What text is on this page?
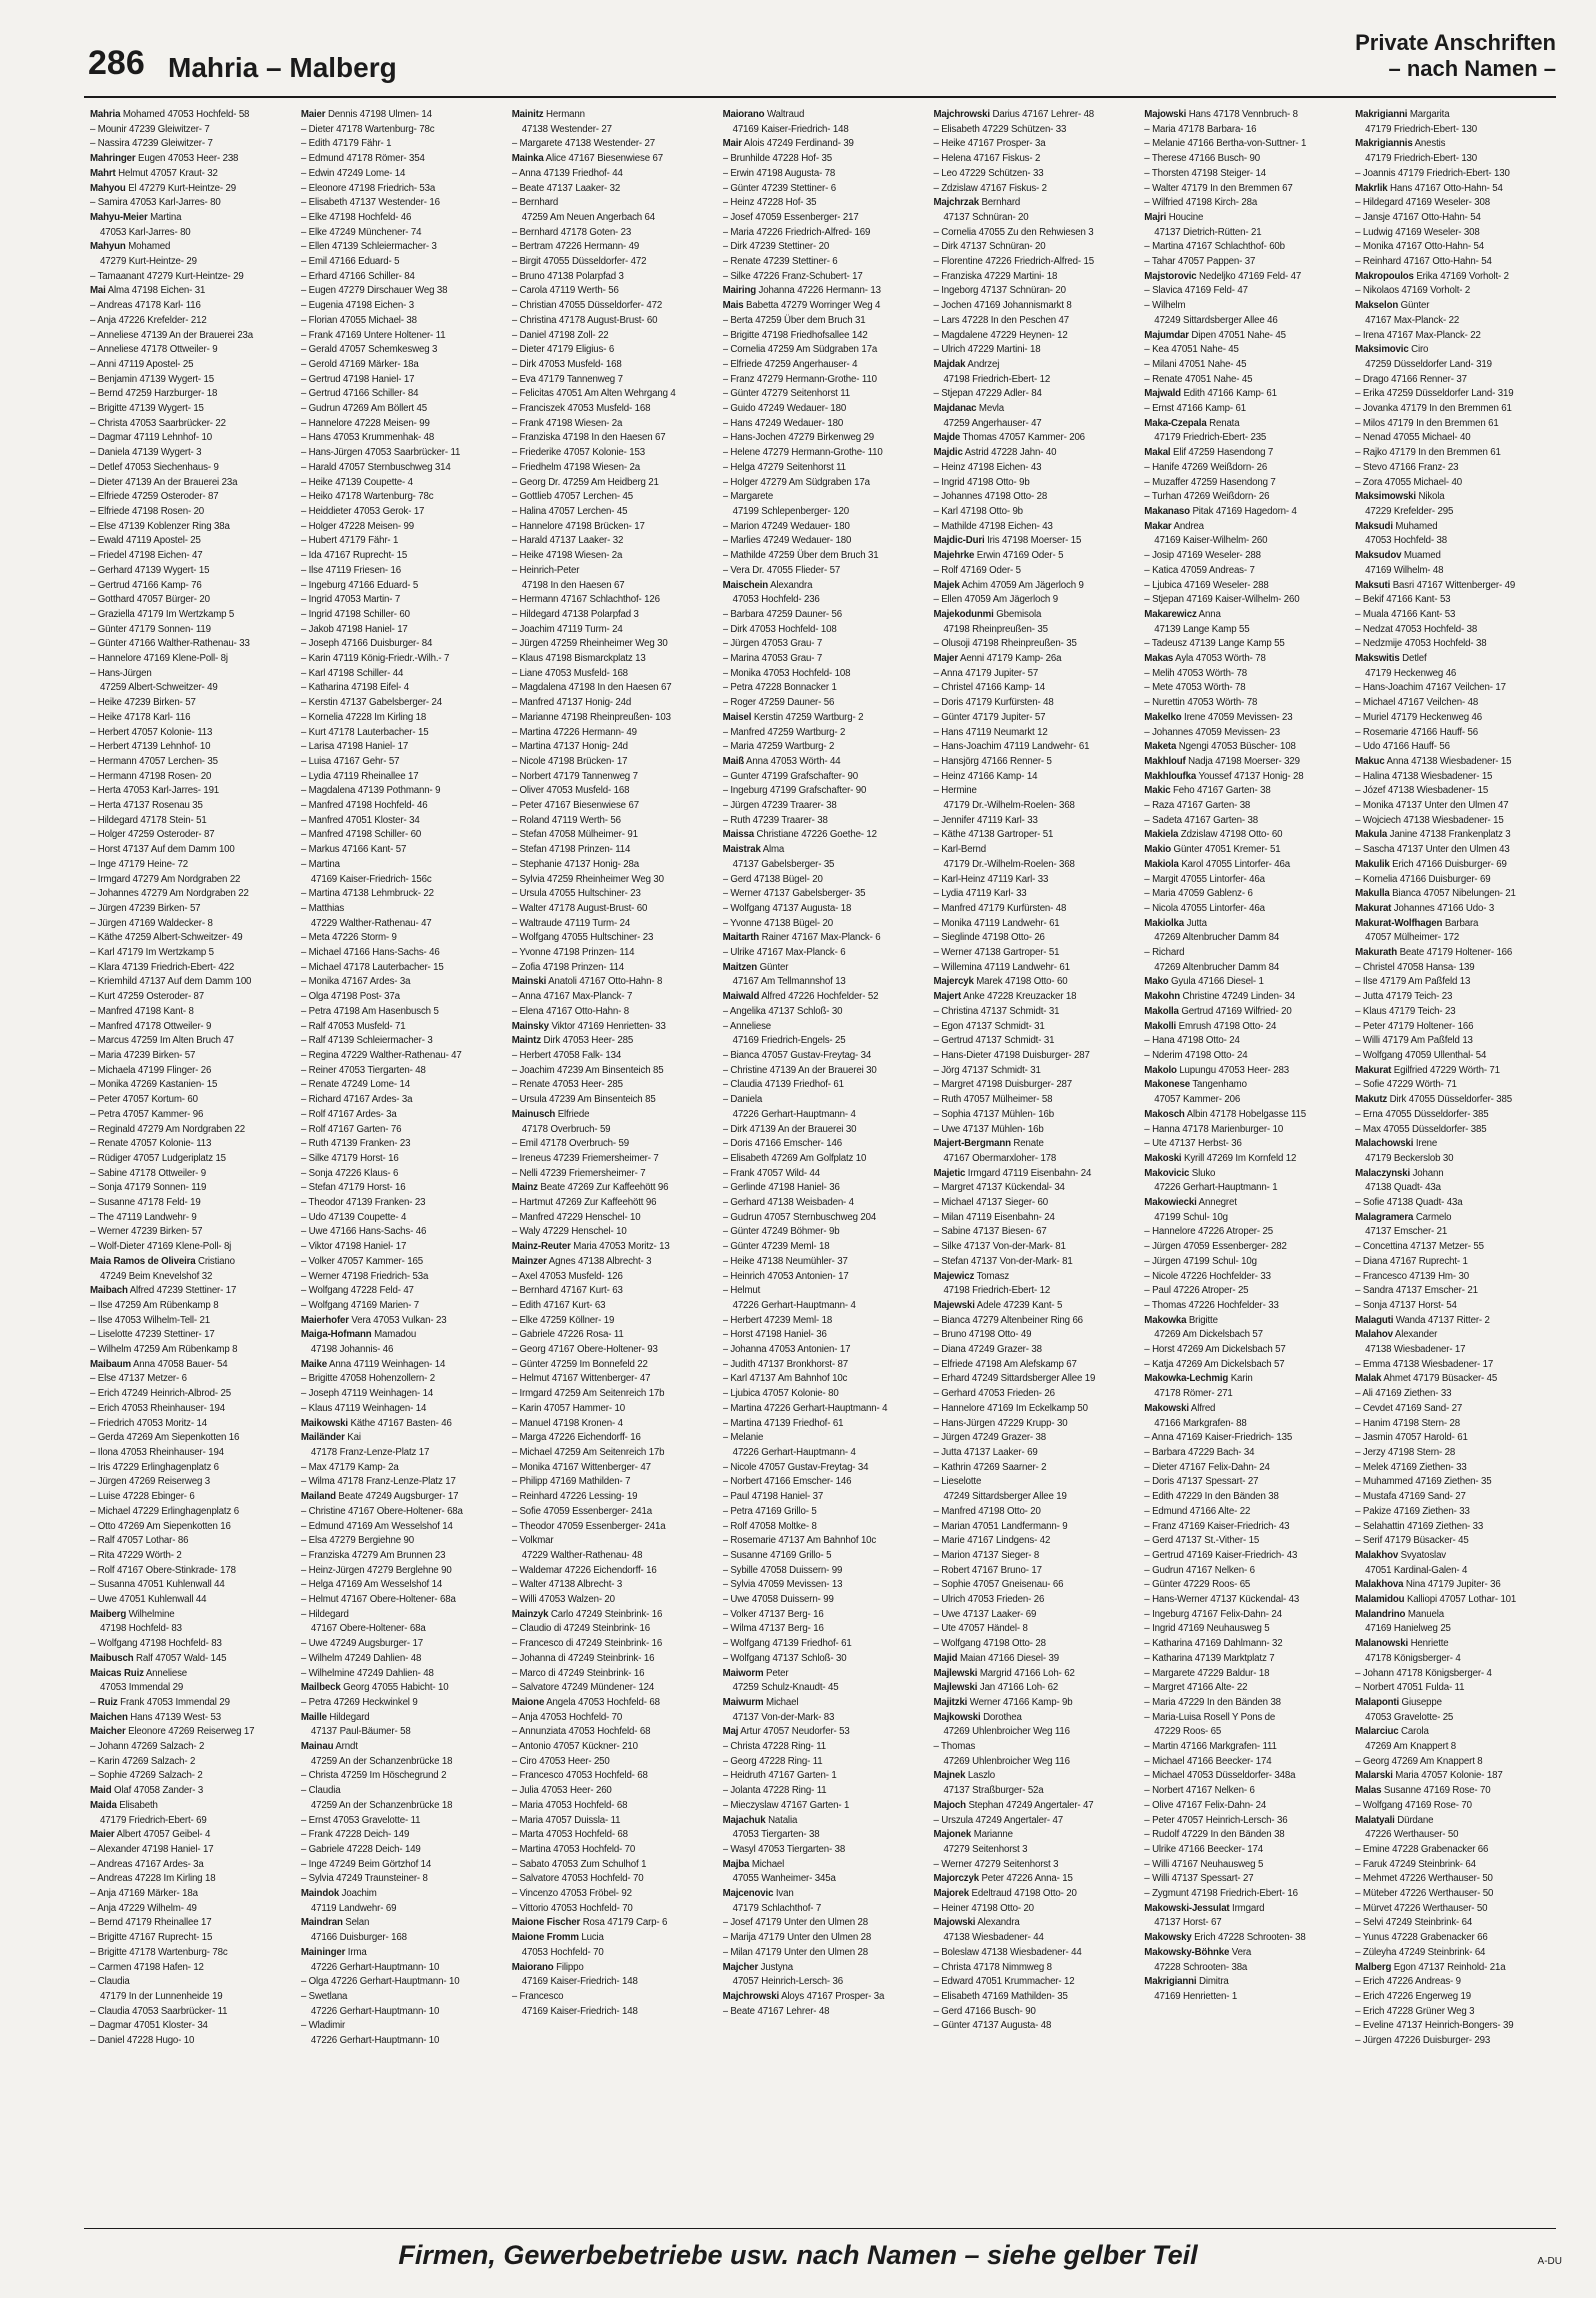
286 Mahria – Malberg
Private Anschriften
– nach Namen –
Mahria Mohamed 47053 Hochfeld- 58
– Mounir 47239 Gleiwitzer- 7
– Nassira 47239 Gleiwitzer- 7
Mahringer Eugen 47053 Heer- 238
Mahrt Helmut 47057 Kraut- 32
Mahyou El 47279 Kurt-Heintze- 29
– Samira 47053 Karl-Jarres- 80
Mahyu-Meier Martina
47053 Karl-Jarres- 80
Mahyun Mohamed
47279 Kurt-Heintze- 29
– Tamaanant 47279 Kurt-Heintze- 29
Mai Alma 47198 Eichen- 31
– Andreas 47178 Karl- 116
– Anja 47226 Krefelder- 212
– Anneliese 47139 An der Brauerei 23a
– Anneliese 47178 Ottweiler- 9
– Anni 47119 Apostel- 25
– Benjamin 47139 Wygert- 15
– Bernd 47259 Harzburger- 18
– Brigitte 47139 Wygert- 15
– Christa 47053 Saarbrücker- 22
– Dagmar 47119 Lehnhof- 10
– Daniela 47139 Wygert- 3
– Detlef 47053 Siechenhaus- 9
– Dieter 47139 An der Brauerei 23a
– Elfriede 47259 Osteroder- 87
– Elfriede 47198 Rosen- 20
– Else 47139 Koblenzer Ring 38a
– Ewald 47119 Apostel- 25
– Friedel 47198 Eichen- 47
– Gerhard 47139 Wygert- 15
– Gertrud 47166 Kamp- 76
– Gotthard 47057 Bürger- 20
– Graziella 47179 Im Wertzkamp 5
– Günter 47179 Sonnen- 119
– Günter 47166 Walther-Rathenau- 33
– Hannelore 47169 Klene-Poll- 8j
– Hans-Jürgen
47259 Albert-Schweitzer- 49
– Heike 47239 Birken- 57
– Heike 47178 Karl- 116
– Herbert 47057 Kolonie- 113
– Herbert 47139 Lehnhof- 10
– Hermann 47057 Lerchen- 35
– Hermann 47198 Rosen- 20
– Herta 47053 Karl-Jarres- 191
– Herta 47137 Rosenau 35
– Hildegard 47178 Stein- 51
– Holger 47259 Osteroder- 87
– Horst 47137 Auf dem Damm 100
– Inge 47179 Heine- 72
– Irmgard 47279 Am Nordgraben 22
– Johannes 47279 Am Nordgraben 22
– Jürgen 47239 Birken- 57
– Jürgen 47169 Waldecker- 8
– Käthe 47259 Albert-Schweitzer- 49
– Karl 47179 Im Wertzkamp 5
– Klara 47139 Friedrich-Ebert- 422
– Kriemhild 47137 Auf dem Damm 100
– Kurt 47259 Osteroder- 87
– Manfred 47198 Kant- 8
– Manfred 47178 Ottweiler- 9
– Marcus 47259 Im Alten Bruch 47
– Maria 47239 Birken- 57
– Michaela 47199 Flinger- 26
– Monika 47269 Kastanien- 15
– Peter 47057 Kortum- 60
– Petra 47057 Kammer- 96
– Reginald 47279 Am Nordgraben 22
– Renate 47057 Kolonie- 113
– Rüdiger 47057 Ludgeriplatz 15
– Sabine 47178 Ottweiler- 9
– Sonja 47179 Sonnen- 119
– Susanne 47178 Feld- 19
– The 47119 Landwehr- 9
– Werner 47239 Birken- 57
– Wolf-Dieter 47169 Klene-Poll- 8j
Maia Ramos de Oliveira Cristiano
47249 Beim Knevelshof 32
Maibach Alfred 47239 Stettiner- 17
– Ilse 47259 Am Rübenkamp 8
– Ilse 47053 Wilhelm-Tell- 21
– Liselotte 47239 Stettiner- 17
– Wilhelm 47259 Am Rübenkamp 8
Maibaum Anna 47058 Bauer- 54
– Else 47137 Metzer- 6
– Erich 47249 Heinrich-Albrod- 25
– Erich 47053 Rheinhauser- 194
– Friedrich 47053 Moritz- 14
– Gerda 47269 Am Siepenkotten 16
– Ilona 47053 Rheinhauser- 194
– Iris 47229 Erlinghagenplatz 6
– Jürgen 47269 Reiserweg 3
– Luise 47228 Ebinger- 6
– Michael 47229 Erlinghagenplatz 6
– Otto 47269 Am Siepenkotten 16
– Ralf 47057 Lothar- 86
– Rita 47229 Wörth- 2
– Rolf 47167 Obere-Stinkrade- 178
– Susanna 47051 Kuhlenwall 44
– Uwe 47051 Kuhlenwall 44
Maiberg Wilhelmine
47198 Hochfeld- 83
– Wolfgang 47198 Hochfeld- 83
Maibusch Ralf 47057 Wald- 145
Maicas Ruiz Anneliese
47053 Immendal 29
– Ruiz Frank 47053 Immendal 29
Maichen Hans 47139 West- 53
Maicher Eleonore 47269 Reiserweg 17
– Johann 47269 Salzach- 2
– Karin 47269 Salzach- 2
– Sophie 47269 Salzach- 2
Maid Olaf 47058 Zander- 3
Maida Elisabeth
47179 Friedrich-Ebert- 69
Maier Albert 47057 Geibel- 4
– Alexander 47198 Haniel- 17
– Andreas 47167 Ardes- 3a
– Andreas 47228 Im Kirling 18
– Anja 47169 Märker- 18a
– Anja 47229 Wilhelm- 49
– Bernd 47179 Rheinallee 17
– Brigitte 47167 Ruprecht- 15
– Brigitte 47178 Wartenburg- 78c
– Carmen 47198 Hafen- 12
– Claudia
47179 In der Lunnenheide 19
– Claudia 47053 Saarbrücker- 11
– Dagmar 47051 Kloster- 34
– Daniel 47228 Hugo- 10
Maier Dennis 47198 Ulmen- 14
– Dieter 47178 Wartenburg- 78c
– Edith 47179 Fähr- 1
– Edmund 47178 Römer- 354
– Edwin 47249 Lome- 14
– Eleonore 47198 Friedrich- 53a
– Elisabeth 47137 Westender- 16
– Elke 47198 Hochfeld- 46
– Elke 47249 Münchener- 74
– Ellen 47139 Schleiermacher- 3
– Emil 47166 Eduard- 5
– Erhard 47166 Schiller- 84
– Eugen 47279 Dirschauer Weg 38
– Eugenia 47198 Eichen- 3
– Florian 47055 Michael- 38
– Frank 47169 Untere Holtener- 11
– Gerald 47057 Schemkesweg 3
– Gerold 47169 Märker- 18a
– Gertrud 47198 Haniel- 17
– Gertrud 47166 Schiller- 84
– Gudrun 47269 Am Böllert 45
– Hannelore 47228 Meisen- 99
– Hans 47053 Krummenhak- 48
– Hans-Jürgen 47053 Saarbrücker- 11
– Harald 47057 Sternbuschweg 314
– Heike 47139 Coupette- 4
– Heiko 47178 Wartenburg- 78c
– Heiddieter 47053 Gerok- 17
– Holger 47228 Meisen- 99
– Hubert 47179 Fähr- 1
– Ida 47167 Ruprecht- 15
– Ilse 47119 Friesen- 16
– Ingeburg 47166 Eduard- 5
– Ingrid 47053 Martin- 7
– Ingrid 47198 Schiller- 60
– Jakob 47198 Haniel- 17
– Joseph 47166 Duisburger- 84
– Karin 47119 König-Friedr.-Wilh.- 7
– Karl 47198 Schiller- 44
– Katharina 47198 Eifel- 4
– Kerstin 47137 Gabelsberger- 24
– Kornelia 47228 Im Kirling 18
– Kurt 47178 Lauterbacher- 15
– Larisa 47198 Haniel- 17
– Luisa 47167 Gehr- 57
– Lydia 47119 Rheinallee 17
– Magdalena 47139 Pothmann- 9
– Manfred 47198 Hochfeld- 46
– Manfred 47051 Kloster- 34
– Manfred 47198 Schiller- 60
– Markus 47166 Kant- 57
– Martina
47169 Kaiser-Friedrich- 156c
– Martina 47138 Lehmbruck- 22
– Matthias
47229 Walther-Rathenau- 47
– Meta 47226 Storm- 9
– Michael 47166 Hans-Sachs- 46
– Michael 47178 Lauterbacher- 15
– Monika 47167 Ardes- 3a
– Olga 47198 Post- 37a
– Petra 47198 Am Hasenbusch 5
– Ralf 47053 Musfeld- 71
– Ralf 47139 Schleiermacher- 3
– Regina 47229 Walther-Rathenau- 47
– Reiner 47053 Tiergarten- 48
– Renate 47249 Lome- 14
– Richard 47167 Ardes- 3a
– Rolf 47167 Ardes- 3a
– Rolf 47167 Garten- 76
– Ruth 47139 Franken- 23
– Silke 47179 Horst- 16
– Sonja 47226 Klaus- 6
– Stefan 47179 Horst- 16
– Theodor 47139 Franken- 23
– Udo 47139 Coupette- 4
– Uwe 47166 Hans-Sachs- 46
– Viktor 47198 Haniel- 17
– Volker 47057 Kammer- 165
– Werner 47198 Friedrich- 53a
– Wolfgang 47228 Feld- 47
– Wolfgang 47169 Marien- 7
Maierhofer Vera 47053 Vulkan- 23
Maiga-Hofmann Mamadou
47198 Johannis- 46
Maike Anna 47119 Weinhagen- 14
– Brigitte 47058 Hohenzollern- 2
– Joseph 47119 Weinhagen- 14
– Klaus 47119 Weinhagen- 14
Maikowski Käthe 47167 Basten- 46
Mailänder Kai
47178 Franz-Lenze-Platz 17
– Max 47179 Kamp- 2a
– Wilma 47178 Franz-Lenze-Platz 17
Mailand Beate 47249 Augsburger- 17
– Christine 47167 Obere-Holtener- 68a
– Edmund 47169 Am Wesselshof 14
– Elsa 47279 Bergiehne 90
– Franziska 47279 Am Brunnen 23
– Heinz-Jürgen 47279 Berglehne 90
– Helga 47169 Am Wesselshof 14
– Helmut 47167 Obere-Holtener- 68a
– Hildegard
47167 Obere-Holtener- 68a
– Uwe 47249 Augsburger- 17
– Wilhelm 47249 Dahlien- 48
– Wilhelmine 47249 Dahlien- 48
Mailbeck Georg 47055 Habicht- 10
– Petra 47269 Heckwinkel 9
Maille Hildegard
47137 Paul-Bäumer- 58
Mainau Arndt
47259 An der Schanzenbrücke 18
– Christa 47259 Im Höschegrund 2
– Claudia
47259 An der Schanzenbrücke 18
– Ernst 47053 Gravelotte- 11
– Frank 47228 Deich- 149
– Gabriele 47228 Deich- 149
– Inge 47249 Beim Görtzhof 14
– Sylvia 47249 Traunsteiner- 8
Maindok Joachim
47119 Landwehr- 69
Maindran Selan
47166 Duisburger- 168
Maininger Irma
47226 Gerhart-Hauptmann- 10
– Olga 47226 Gerhart-Hauptmann- 10
– Swetlana
47226 Gerhart-Hauptmann- 10
– Wladimir
47226 Gerhart-Hauptmann- 10
Mainitz Hermann
47138 Westender- 27
– Margarete 47138 Westender- 27
Mainka Alice 47167 Biesenwiese 67
– Anna 47139 Friedhof- 44
– Beate 47137 Laaker- 32
– Bernhard
47259 Am Neuen Angerbach 64
– Bernhard 47178 Goten- 23
– Bertram 47226 Hermann- 49
– Birgit 47055 Düsseldorfer- 472
– Bruno 47138 Polarpfad 3
– Carola 47119 Werth- 56
– Christian 47055 Düsseldorfer- 472
– Christina 47178 August-Brust- 60
– Daniel 47198 Zoll- 22
– Dieter 47179 Eligius- 6
– Dirk 47053 Musfeld- 168
– Eva 47179 Tannenweg 7
– Felicitas 47051 Am Alten Wehrgang 4
– Franciszek 47053 Musfeld- 168
– Frank 47198 Wiesen- 2a
– Franziska 47198 In den Haesen 67
– Friederike 47057 Kolonie- 153
– Friedhelm 47198 Wiesen- 2a
– Georg Dr. 47259 Am Heidberg 21
– Gottlieb 47057 Lerchen- 45
– Halina 47057 Lerchen- 45
– Hannelore 47198 Brücken- 17
– Harald 47137 Laaker- 32
– Heike 47198 Wiesen- 2a
– Heinrich-Peter
47198 In den Haesen 67
– Hermann 47167 Schlachthof- 126
– Hildegard 47138 Polarpfad 3
– Joachim 47119 Turm- 24
– Jürgen 47259 Rheinheimer Weg 30
– Klaus 47198 Bismarckplatz 13
– Liane 47053 Musfeld- 168
– Magdalena 47198 In den Haesen 67
– Manfred 47137 Honig- 24d
– Marianne 47198 Rheinpreußen- 103
– Martina 47226 Hermann- 49
– Martina 47137 Honig- 24d
– Nicole 47198 Brücken- 17
– Norbert 47179 Tannenweg 7
– Oliver 47053 Musfeld- 168
– Peter 47167 Biesenwiese 67
– Roland 47119 Werth- 56
– Stefan 47058 Mülheimer- 91
– Stefan 47198 Prinzen- 114
– Stephanie 47137 Honig- 28a
– Sylvia 47259 Rheinheimer Weg 30
– Ursula 47055 Hultschiner- 23
– Walter 47178 August-Brust- 60
– Waltraude 47119 Turm- 24
– Wolfgang 47055 Hultschiner- 23
– Yvonne 47198 Prinzen- 114
– Zofia 47198 Prinzen- 114
Mainski Anatoli 47167 Otto-Hahn- 8
– Anna 47167 Max-Planck- 7
– Elena 47167 Otto-Hahn- 8
Mainsky Viktor 47169 Henrietten- 33
Maintz Dirk 47053 Heer- 285
– Herbert 47058 Falk- 134
– Joachim 47239 Am Binsenteich 85
– Renate 47053 Heer- 285
– Ursula 47239 Am Binsenteich 85
Mainusch Elfriede
47178 Overbruch- 59
– Emil 47178 Overbruch- 59
– Ireneus 47239 Friemersheimer- 7
– Nelli 47239 Friemersheimer- 7
Mainz Beate 47269 Zur Kaffeehött 96
– Hartmut 47269 Zur Kaffeehött 96
– Manfred 47229 Henschel- 10
– Waly 47229 Henschel- 10
Mainz-Reuter Maria 47053 Moritz- 13
Mainzer Agnes 47138 Albrecht- 3
– Axel 47053 Musfeld- 126
– Bernhard 47167 Kurt- 63
– Edith 47167 Kurt- 63
– Elke 47259 Köllner- 19
– Gabriele 47226 Rosa- 11
– Georg 47167 Obere-Holtener- 93
– Günter 47259 Im Bonnefeld 22
– Helmut 47167 Wittenberger- 47
– Irmgard 47259 Am Seitenreich 17b
– Karin 47057 Hammer- 10
– Manuel 47198 Kronen- 4
– Marga 47226 Eichendorff- 16
– Michael 47259 Am Seitenreich 17b
– Monika 47167 Wittenberger- 47
– Philipp 47169 Mathilden- 7
– Reinhard 47226 Lessing- 19
– Sofie 47059 Essenberger- 241a
– Theodor 47059 Essenberger- 241a
– Volkmar
47229 Walther-Rathenau- 48
– Waldemar 47226 Eichendorff- 16
– Walter 47138 Albrecht- 3
– Willi 47053 Walzen- 20
Mainzyk Carlo 47249 Steinbrink- 16
– Claudio di 47249 Steinbrink- 16
– Francesco di 47249 Steinbrink- 16
– Johanna di 47249 Steinbrink- 16
– Marco di 47249 Steinbrink- 16
– Salvatore 47249 Mündener- 124
Maione Angela 47053 Hochfeld- 68
– Anja 47053 Hochfeld- 70
– Annunziata 47053 Hochfeld- 68
– Antonio 47057 Kückner- 210
– Ciro 47053 Heer- 250
– Francesco 47053 Hochfeld- 68
– Julia 47053 Heer- 260
– Maria 47053 Hochfeld- 68
– Maria 47057 Duissla- 11
– Marta 47053 Hochfeld- 68
– Martina 47053 Hochfeld- 70
– Sabato 47053 Zum Schulhof 1
– Salvatore 47053 Hochfeld- 70
– Vincenzo 47053 Fröbel- 92
– Vittorio 47053 Hochfeld- 70
Maione Fischer Rosa 47179 Carp- 6
Maione Fromm Lucia
47053 Hochfeld- 70
Maiorano Filippo
47169 Kaiser-Friedrich- 148
– Francesco
47169 Kaiser-Friedrich- 148
Maiorano Waltraud
47169 Kaiser-Friedrich- 148
Mair Alois 47249 Ferdinand- 39
– Brunhilde 47228 Hof- 35
– Erwin 47198 Augusta- 78
– Günter 47239 Stettiner- 6
– Heinz 47228 Hof- 35
– Josef 47059 Essenberger- 217
– Maria 47226 Friedrich-Alfred- 169
– Dirk 47239 Stettiner- 20
– Renate 47239 Stettiner- 6
– Silke 47226 Franz-Schubert- 17
Mairing Johanna 47226 Hermann- 13
Mais Babetta 47279 Worringer Weg 4
– Berta 47259 Über dem Bruch 31
– Brigitte 47198 Friedhofsallee 142
– Cornelia 47259 Am Südgraben 17a
– Elfriede 47259 Angerhauser- 4
– Franz 47279 Hermann-Grothe- 110
– Günter 47279 Seitenhorst 11
– Guido 47249 Wedauer- 180
– Hans 47249 Wedauer- 180
– Hans-Jochen 47279 Birkenweg 29
– Helene 47279 Hermann-Grothe- 110
– Helga 47279 Seitenhorst 11
– Holger 47279 Am Südgraben 17a
– Margarete
47199 Schlepenberger- 120
– Marion 47249 Wedauer- 180
– Marlies 47249 Wedauer- 180
– Mathilde 47259 Über dem Bruch 31
– Vera Dr. 47055 Flieder- 57
Maischein Alexandra
47053 Hochfeld- 236
– Barbara 47259 Dauner- 56
– Dirk 47053 Hochfeld- 108
– Jürgen 47053 Grau- 7
– Marina 47053 Grau- 7
– Monika 47053 Hochfeld- 108
– Petra 47228 Bonnacker 1
– Roger 47259 Dauner- 56
Maisel Kerstin 47259 Wartburg- 2
– Manfred 47259 Wartburg- 2
– Maria 47259 Wartburg- 2
Maiß Anna 47053 Wörth- 44
– Gunter 47199 Grafschafter- 90
– Ingeburg 47199 Grafschafter- 90
– Jürgen 47239 Traarer- 38
– Ruth 47239 Traarer- 38
Maissa Christiane 47226 Goethe- 12
Maistrak Alma
47137 Gabelsberger- 35
– Gerd 47138 Bügel- 20
– Werner 47137 Gabelsberger- 35
– Wolfgang 47137 Augusta- 18
– Yvonne 47138 Bügel- 20
Maitarth Rainer 47167 Max-Planck- 6
– Ulrike 47167 Max-Planck- 6
Maitzen Günter
47167 Am Tellmannshof 13
Maiwald Alfred 47226 Hochfelder- 52
– Angelika 47137 Schloß- 30
– Anneliese
47169 Friedrich-Engels- 25
– Bianca 47057 Gustav-Freytag- 34
– Christine 47139 An der Brauerei 30
– Claudia 47139 Friedhof- 61
– Daniela
47226 Gerhart-Hauptmann- 4
– Dirk 47139 An der Brauerei 30
– Doris 47166 Emscher- 146
– Elisabeth 47269 Am Golfplatz 10
– Frank 47057 Wild- 44
– Gerlinde 47198 Haniel- 36
– Gerhard 47138 Weisbaden- 4
– Gudrun 47057 Sternbuschweg 204
– Günter 47249 Böhmer- 9b
– Günter 47239 Meml- 18
– Heike 47138 Neumühler- 37
– Heinrich 47053 Antonien- 17
– Helmut
47226 Gerhart-Hauptmann- 4
– Herbert 47239 Meml- 18
– Horst 47198 Haniel- 36
– Johanna 47053 Antonien- 17
– Judith 47137 Bronkhorst- 87
– Karl 47137 Am Bahnhof 10c
– Ljubica 47057 Kolonie- 80
– Martina 47226 Gerhart-Hauptmann- 4
– Martina 47139 Friedhof- 61
– Melanie
47226 Gerhart-Hauptmann- 4
– Nicole 47057 Gustav-Freytag- 34
– Norbert 47166 Emscher- 146
– Paul 47198 Haniel- 37
– Petra 47169 Grillo- 5
– Rolf 47058 Moltke- 8
– Rosemarie 47137 Am Bahnhof 10c
– Susanne 47169 Grillo- 5
– Sybille 47058 Duissern- 99
– Sylvia 47059 Mevissen- 13
– Uwe 47058 Duissern- 99
– Volker 47137 Berg- 16
– Wilma 47137 Berg- 16
– Wolfgang 47139 Friedhof- 61
– Wolfgang 47137 Schloß- 30
Maiworm Peter
47259 Schulz-Knaudt- 45
Maiwurm Michael
47137 Von-der-Mark- 83
Maj Artur 47057 Neudorfer- 53
– Christa 47228 Ring- 11
– Georg 47228 Ring- 11
– Heidruth 47167 Garten- 1
– Jolanta 47228 Ring- 11
– Mieczyslaw 47167 Garten- 1
Majachuk Natalia
47053 Tiergarten- 38
– Wasyl 47053 Tiergarten- 38
Majba Michael
47055 Wanheimer- 345a
Majcenovic Ivan
47179 Schlachthof- 7
– Josef 47179 Unter den Ulmen 28
– Marija 47179 Unter den Ulmen 28
– Milan 47179 Unter den Ulmen 28
Majcher Justyna
47057 Heinrich-Lersch- 36
Majchrowski Aloys 47167 Prosper- 3a
– Beate 47167 Lehrer- 48
Majchrowski Darius 47167 Lehrer- 48
– Elisabeth 47229 Schützen- 33
– Heike 47167 Prosper- 3a
– Helena 47167 Fiskus- 2
– Leo 47229 Schützen- 33
– Zdzislaw 47167 Fiskus- 2
Majchrzak Bernhard
47137 Schnüran- 20
– Cornelia 47055 Zu den Rehwiesen 3
– Dirk 47137 Schnüran- 20
– Florentine 47226 Friedrich-Alfred- 15
– Franziska 47229 Martini- 18
– Ingeborg 47137 Schnüran- 20
– Jochen 47169 Johannismarkt 8
– Lars 47228 In den Peschen 47
– Magdalene 47229 Heynen- 12
– Ulrich 47229 Martini- 18
Majdak Andrzej
47198 Friedrich-Ebert- 12
– Stjepan 47229 Adler- 84
Majdanac Mevla
47259 Angerhauser- 47
Majde Thomas 47057 Kammer- 206
Majdic Astrid 47228 Jahn- 40
– Heinz 47198 Eichen- 43
– Ingrid 47198 Otto- 9b
– Johannes 47198 Otto- 28
– Karl 47198 Otto- 9b
– Mathilde 47198 Eichen- 43
Majdic-Duri Iris 47198 Moerser- 15
Majehrke Erwin 47169 Oder- 5
– Rolf 47169 Oder- 5
Majek Achim 47059 Am Jägerloch 9
– Ellen 47059 Am Jägerloch 9
Majekodunmi Gbemisola
47198 Rheinpreußen- 35
– Olusoji 47198 Rheinpreußen- 35
Majer Aenni 47179 Kamp- 26a
– Anna 47179 Jupiter- 57
– Christel 47166 Kamp- 14
– Doris 47179 Kurfürsten- 48
– Günter 47179 Jupiter- 57
– Hans 47119 Neumarkt 12
– Hans-Joachim 47119 Landwehr- 61
– Hansjörg 47166 Renner- 5
– Heinz 47166 Kamp- 14
– Hermine
47179 Dr.-Wilhelm-Roelen- 368
– Jennifer 47119 Karl- 33
– Käthe 47138 Gartroper- 51
– Karl-Bernd
47179 Dr.-Wilhelm-Roelen- 368
– Karl-Heinz 47119 Karl- 33
– Lydia 47119 Karl- 33
– Manfred 47179 Kurfürsten- 48
– Monika 47119 Landwehr- 61
– Sieglinde 47198 Otto- 26
– Werner 47138 Gartroper- 51
– Willemina 47119 Landwehr- 61
Majercyk Marek 47198 Otto- 60
Majert Anke 47228 Kreuzacker 18
– Christina 47137 Schmidt- 31
– Egon 47137 Schmidt- 31
– Gertrud 47137 Schmidt- 31
– Hans-Dieter 47198 Duisburger- 287
– Jörg 47137 Schmidt- 31
– Margret 47198 Duisburger- 287
– Ruth 47057 Mülheimer- 58
– Sophia 47137 Mühlen- 16b
– Uwe 47137 Mühlen- 16b
Majert-Bergmann Renate
47167 Obermarxloher- 178
Majetic Irmgard 47119 Eisenbahn- 24
– Margret 47137 Kückendal- 34
– Michael 47137 Sieger- 60
– Milan 47119 Eisenbahn- 24
– Sabine 47137 Biesen- 67
– Silke 47137 Von-der-Mark- 81
– Stefan 47137 Von-der-Mark- 81
Majewicz Tomasz
47198 Friedrich-Ebert- 12
Majewski Adele 47239 Kant- 5
– Bianca 47279 Altenbeiner Ring 66
– Bruno 47198 Otto- 49
– Diana 47249 Grazer- 38
– Elfriede 47198 Am Alefskamp 67
– Erhard 47249 Sittardsberger Allee 19
– Gerhard 47053 Frieden- 26
– Hannelore 47169 Im Eckelkamp 50
– Hans-Jürgen 47229 Krupp- 30
– Jürgen 47249 Grazer- 38
– Jutta 47137 Laaker- 69
– Kathrin 47269 Saarner- 2
– Lieselotte
47249 Sittardsberger Allee 19
– Manfred 47198 Otto- 20
– Marian 47051 Landfermann- 9
– Marie 47167 Lindgens- 42
– Marion 47137 Sieger- 8
– Robert 47167 Bruno- 17
– Sophie 47057 Gneisenau- 66
– Ulrich 47053 Frieden- 26
– Uwe 47137 Laaker- 69
– Ute 47057 Händel- 8
– Wolfgang 47198 Otto- 28
Majid Maian 47166 Diesel- 39
Majlewski Margrid 47166 Loh- 62
Majlewski Jan 47166 Loh- 62
Majitzki Werner 47166 Kamp- 9b
Majkowski Dorothea
47269 Uhlenbroicher Weg 116
– Thomas
47269 Uhlenbroicher Weg 116
Majnek Laszlo
47137 Straßburger- 52a
Majoch Stephan 47249 Angertaler- 47
– Urszula 47249 Angertaler- 47
Majonek Marianne
47279 Seitenhorst 3
– Werner 47279 Seitenhorst 3
Majorczyk Peter 47226 Anna- 15
Majorek Edeltraud 47198 Otto- 20
– Heiner 47198 Otto- 20
Majowski Alexandra
47138 Wiesbadener- 44
– Boleslaw 47138 Wiesbadener- 44
– Christa 47178 Nimmweg 8
– Edward 47051 Krummacher- 12
– Elisabeth 47169 Mathilden- 35
– Gerd 47166 Busch- 90
– Günter 47137 Augusta- 48
Majowski Hans 47178 Vennbruch- 8
– Maria 47178 Barbara- 16
– Melanie 47166 Bertha-von-Suttner- 1
– Therese 47166 Busch- 90
– Thorsten 47198 Steiger- 14
– Walter 47179 In den Bremmen 67
– Wilfried 47198 Kirch- 28a
Majri Houcine
47137 Dietrich-Rütten- 21
– Martina 47167 Schlachthof- 60b
– Tahar 47057 Pappen- 37
Majstorovic Nedeljko 47169 Feld- 47
– Slavica 47169 Feld- 47
– Wilhelm
47249 Sittardsberger Allee 46
Majumdar Dipen 47051 Nahe- 45
– Kea 47051 Nahe- 45
– Milani 47051 Nahe- 45
– Renate 47051 Nahe- 45
Majwald Edith 47166 Kamp- 61
– Ernst 47166 Kamp- 61
Maka-Czepala Renata
47179 Friedrich-Ebert- 235
Makal Elif 47259 Hasendong 7
– Hanife 47269 Weißdorn- 26
– Muzaffer 47259 Hasendong 7
– Turhan 47269 Weißdorn- 26
Makanaso Pitak 47169 Hagedorn- 4
Makar Andrea
47169 Kaiser-Wilhelm- 260
– Josip 47169 Weseler- 288
– Katica 47059 Andreas- 7
– Ljubica 47169 Weseler- 288
– Stjepan 47169 Kaiser-Wilhelm- 260
Makarewicz Anna
47139 Lange Kamp 55
– Tadeusz 47139 Lange Kamp 55
Makas Ayla 47053 Wörth- 78
– Melih 47053 Wörth- 78
– Mete 47053 Wörth- 78
– Nurettin 47053 Wörth- 78
Makelko Irene 47059 Mevissen- 23
– Johannes 47059 Mevissen- 23
Maketa Ngengi 47053 Büscher- 108
Makhlouf Nadja 47198 Moerser- 329
Makhloufka Youssef 47137 Honig- 28
Makic Feho 47167 Garten- 38
– Raza 47167 Garten- 38
– Sadeta 47167 Garten- 38
Makiela Zdzislaw 47198 Otto- 60
Makio Günter 47051 Kremer- 51
Makiola Karol 47055 Lintorfer- 46a
– Margit 47055 Lintorfer- 46a
– Maria 47059 Gablenz- 6
– Nicola 47055 Lintorfer- 46a
Makiolka Jutta
47269 Altenbrucher Damm 84
– Richard
47269 Altenbrucher Damm 84
Mako Gyula 47166 Diesel- 1
Makohn Christine 47249 Linden- 34
Makolla Gertrud 47169 Wilfried- 20
Makolli Emrush 47198 Otto- 24
– Hana 47198 Otto- 24
– Nderim 47198 Otto- 24
Makolo Lupungu 47053 Heer- 283
Makonese Tangenhamo
47057 Kammer- 206
Makosch Albin 47178 Hobelgasse 115
– Hanna 47178 Marienburger- 10
– Ute 47137 Herbst- 36
Makoski Kyrill 47269 Im Kornfeld 12
Makovicic Sluko
47226 Gerhart-Hauptmann- 1
Makowiecki Annegret
47199 Schul- 10g
– Hannelore 47226 Atroper- 25
– Jürgen 47059 Essenberger- 282
– Jürgen 47199 Schul- 10g
– Nicole 47226 Hochfelder- 33
– Paul 47226 Atroper- 25
– Thomas 47226 Hochfelder- 33
Makowka Brigitte
47269 Am Dickelsbach 57
– Horst 47269 Am Dickelsbach 57
– Katja 47269 Am Dickelsbach 57
Makowka-Lechmig Karin
47178 Römer- 271
Makowski Alfred
47166 Markgrafen- 88
– Anna 47169 Kaiser-Friedrich- 135
– Barbara 47229 Bach- 34
– Dieter 47167 Felix-Dahn- 24
– Doris 47137 Spessart- 27
– Edith 47229 In den Bänden 38
– Edmund 47166 Alte- 22
– Franz 47169 Kaiser-Friedrich- 43
– Gerd 47137 St.-Vither- 15
– Gertrud 47169 Kaiser-Friedrich- 43
– Gudrun 47167 Nelken- 6
– Günter 47229 Roos- 65
– Hans-Werner 47137 Kückendal- 43
– Ingeburg 47167 Felix-Dahn- 24
– Ingrid 47169 Neuhausweg 5
– Katharina 47169 Dahlmann- 32
– Katharina 47139 Marktplatz 7
– Margarete 47229 Baldur- 18
– Margret 47166 Alte- 22
– Maria 47229 In den Bänden 38
– Maria-Luisa Rosell Y Pons de
47229 Roos- 65
– Martin 47166 Markgrafen- 111
– Michael 47166 Beecker- 174
– Michael 47053 Düsseldorfer- 348a
– Norbert 47167 Nelken- 6
– Olive 47167 Felix-Dahn- 24
– Peter 47057 Heinrich-Lersch- 36
– Rudolf 47229 In den Bänden 38
– Ulrike 47166 Beecker- 174
– Willi 47167 Neuhausweg 5
– Willi 47137 Spessart- 27
– Zygmunt 47198 Friedrich-Ebert- 16
Makowski-Jessulat Irmgard
47137 Horst- 67
Makowsky Erich 47228 Schrooten- 38
Makowsky-Böhnke Vera
47228 Schrooten- 38a
Makrigianni Dimitra
47169 Henrietten- 1
Makrigianni Margarita
47179 Friedrich-Ebert- 130
Makrigiannis Anestis
47179 Friedrich-Ebert- 130
– Joannis 47179 Friedrich-Ebert- 130
Makrlik Hans 47167 Otto-Hahn- 54
– Hildegard 47169 Weseler- 308
– Jansje 47167 Otto-Hahn- 54
– Ludwig 47169 Weseler- 308
– Monika 47167 Otto-Hahn- 54
– Reinhard 47167 Otto-Hahn- 54
Makropoulos Erika 47169 Vorholt- 2
– Nikolaos 47169 Vorholt- 2
Makselon Günter
47167 Max-Planck- 22
– Irena 47167 Max-Planck- 22
Maksimovic Ciro
47259 Düsseldorfer Land- 319
– Drago 47166 Renner- 37
– Erika 47259 Düsseldorfer Land- 319
– Jovanka 47179 In den Bremmen 61
– Milos 47179 In den Bremmen 61
– Nenad 47055 Michael- 40
– Rajko 47179 In den Bremmen 61
– Stevo 47166 Franz- 23
– Zora 47055 Michael- 40
Maksimowski Nikola
47229 Krefelder- 295
Maksudi Muhamed
47053 Hochfeld- 38
Maksudov Muamed
47169 Wilhelm- 48
Maksuti Basri 47167 Wittenberger- 49
– Bekif 47166 Kant- 53
– Muala 47166 Kant- 53
– Nedzat 47053 Hochfeld- 38
– Nedzmije 47053 Hochfeld- 38
Makswitis Detlef
47179 Heckenweg 46
– Hans-Joachim 47167 Veilchen- 17
– Michael 47167 Veilchen- 48
– Muriel 47179 Heckenweg 46
– Rosemarie 47166 Hauff- 56
– Udo 47166 Hauff- 56
Makuc Anna 47138 Wiesbadener- 15
– Halina 47138 Wiesbadener- 15
– Józef 47138 Wiesbadener- 15
– Monika 47137 Unter den Ulmen 47
– Wojciech 47138 Wiesbadener- 15
Makula Janine 47138 Frankenplatz 3
– Sascha 47137 Unter den Ulmen 43
Makulik Erich 47166 Duisburger- 69
– Kornelia 47166 Duisburger- 69
Makulla Bianca 47057 Nibelungen- 21
Makurat Johannes 47166 Udo- 3
Makurat-Wolfhagen Barbara
47057 Mülheimer- 172
Makurath Beate 47179 Holtener- 166
– Christel 47058 Hansa- 139
– Ilse 47179 Am Paßfeld 13
– Jutta 47179 Teich- 23
– Klaus 47179 Teich- 23
– Peter 47179 Holtener- 166
– Willi 47179 Am Paßfeld 13
– Wolfgang 47059 Ullenthal- 54
Makurat Egilfried 47229 Wörth- 71
– Sofie 47229 Wörth- 71
Makutz Dirk 47055 Düsseldorfer- 385
– Erna 47055 Düsseldorfer- 385
– Max 47055 Düsseldorfer- 385
Malachowski Irene
47179 Beckerslob 30
Malaczynski Johann
47138 Quadt- 43a
– Sofie 47138 Quadt- 43a
Malagramera Carmelo
47137 Emscher- 21
– Concettina 47137 Metzer- 55
– Diana 47167 Ruprecht- 1
– Francesco 47139 Hm- 30
– Sandra 47137 Emscher- 21
– Sonja 47137 Horst- 54
Malaguti Wanda 47137 Ritter- 2
Malahov Alexander
47138 Wiesbadener- 17
– Emma 47138 Wiesbadener- 17
Malak Ahmet 47179 Büsacker- 45
– Ali 47169 Ziethen- 33
– Cevdet 47169 Sand- 27
– Hanim 47198 Stern- 28
– Jasmin 47057 Harold- 61
– Jerzy 47198 Stern- 28
– Melek 47169 Ziethen- 33
– Muhammed 47169 Ziethen- 35
– Mustafa 47169 Sand- 27
– Pakize 47169 Ziethen- 33
– Selahattin 47169 Ziethen- 33
– Serif 47179 Büsacker- 45
Malakhov Svyatoslav
47051 Kardinal-Galen- 4
Malakhova Nina 47179 Jupiter- 36
Malamidou Kalliopi 47057 Lothar- 101
Malandrino Manuela
47169 Hanielweg 25
Malanowski Henriette
47178 Königsberger- 4
– Johann 47178 Königsberger- 4
– Norbert 47051 Fulda- 11
Malaponti Giuseppe
47053 Gravelotte- 25
Malarciuc Carola
47269 Am Knappert 8
– Georg 47269 Am Knappert 8
Malarski Maria 47057 Kolonie- 187
Malas Susanne 47169 Rose- 70
– Wolfgang 47169 Rose- 70
Malatyali Dürdane
47226 Werthauser- 50
– Emine 47228 Grabenacker 66
– Faruk 47249 Steinbrink- 64
– Mehmet 47226 Werthauser- 50
– Müteber 47226 Werthauser- 50
– Mürvet 47226 Werthauser- 50
– Selvi 47249 Steinbrink- 64
– Yunus 47228 Grabenacker 66
– Züleyha 47249 Steinbrink- 64
Malberg Egon 47137 Reinhold- 21a
– Erich 47226 Andreas- 9
– Erich 47226 Engerweg 19
– Erich 47228 Grüner Weg 3
– Eveline 47137 Heinrich-Bongers- 39
– Jürgen 47226 Duisburger- 293
Firmen, Gewerbebetriebe usw. nach Namen – siehe gelber Teil	A-DU
